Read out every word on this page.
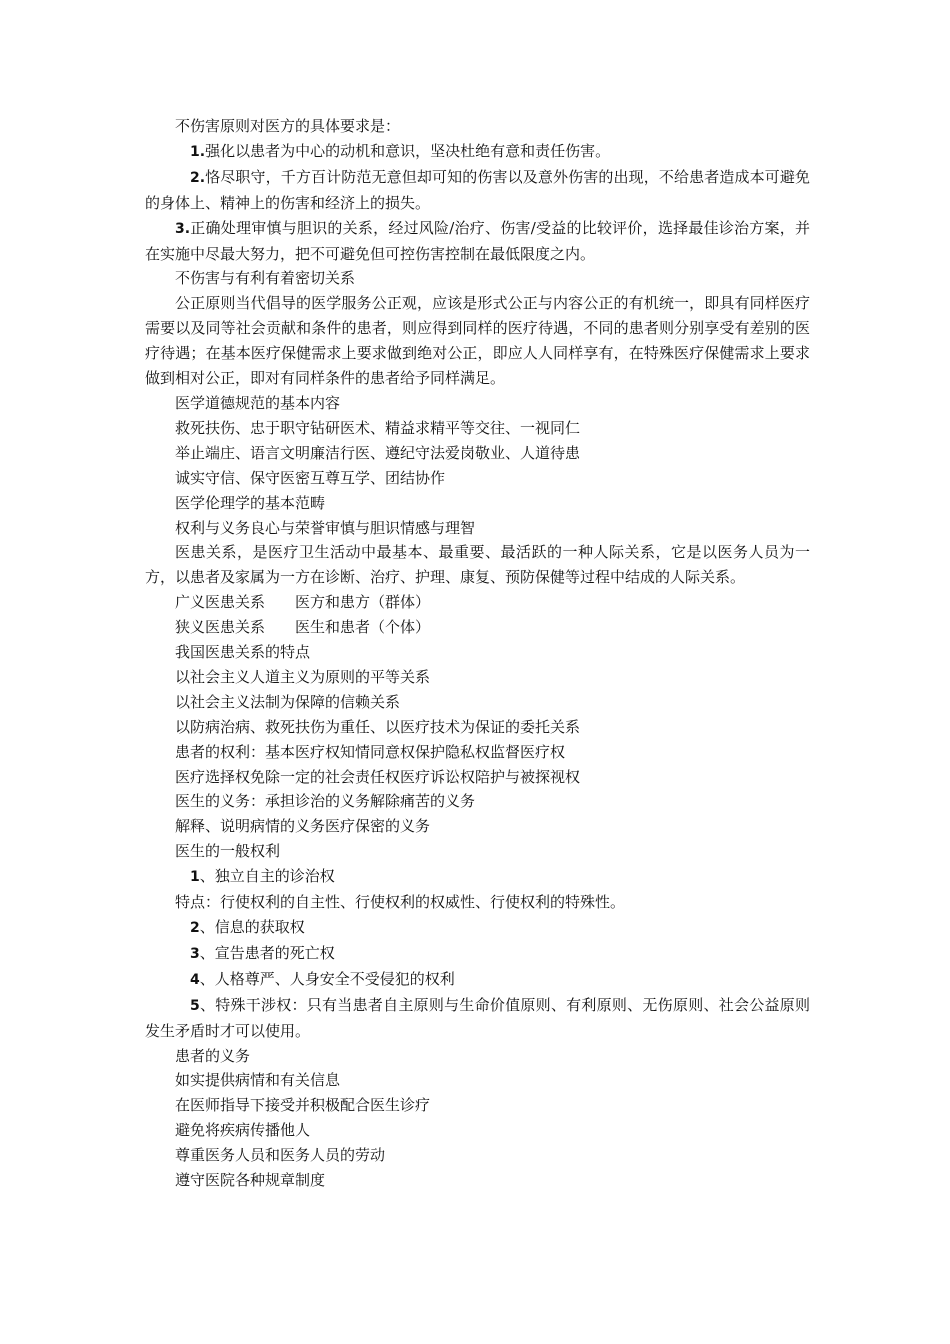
不伤害原则对医方的具体要求是：

1.强化以患者为中心的动机和意识，坚决杜绝有意和责任伤害。

2.恪尽职守，千方百计防范无意但却可知的伤害以及意外伤害的出现，不给患者造成本可避免的身体上、精神上的伤害和经济上的损失。

3.正确处理审慎与胆识的关系，经过风险/治疗、伤害/受益的比较评价，选择最佳诊治方案，并在实施中尽最大努力，把不可避免但可控伤害控制在最低限度之内。

不伤害与有利有着密切关系

公正原则当代倡导的医学服务公正观，应该是形式公正与内容公正的有机统一，即具有同样医疗需要以及同等社会贡献和条件的患者，则应得到同样的医疗待遇，不同的患者则分别享受有差别的医疗待遇；在基本医疗保健需求上要求做到绝对公正，即应人人同样享有，在特殊医疗保健需求上要求做到相对公正，即对有同样条件的患者给予同样满足。

医学道德规范的基本内容

救死扶伤、忠于职守钻研医术、精益求精平等交往、一视同仁

举止端庄、语言文明廉洁行医、遵纪守法爱岗敬业、人道待患

诚实守信、保守医密互尊互学、团结协作

医学伦理学的基本范畴

权利与义务良心与荣誉审慎与胆识情感与理智

医患关系，是医疗卫生活动中最基本、最重要、最活跃的一种人际关系，它是以医务人员为一方，以患者及家属为一方在诊断、治疗、护理、康复、预防保健等过程中结成的人际关系。

广义医患关系 医方和患方（群体）

狭义医患关系 医生和患者（个体）

我国医患关系的特点

以社会主义人道主义为原则的平等关系

以社会主义法制为保障的信赖关系

以防病治病、救死扶伤为重任、以医疗技术为保证的委托关系

患者的权利：基本医疗权知情同意权保护隐私权监督医疗权

医疗选择权免除一定的社会责任权医疗诉讼权陪护与被探视权

医生的义务：承担诊治的义务解除痛苦的义务

解释、说明病情的义务医疗保密的义务

医生的一般权利

1、独立自主的诊治权

特点：行使权利的自主性、行使权利的权威性、行使权利的特殊性。

2、信息的获取权

3、宣告患者的死亡权

4、人格尊严、人身安全不受侵犯的权利

5、特殊干涉权：只有当患者自主原则与生命价值原则、有利原则、无伤原则、社会公益原则发生矛盾时才可以使用。

患者的义务

如实提供病情和有关信息

在医师指导下接受并积极配合医生诊疗

避免将疾病传播他人

尊重医务人员和医务人员的劳动

遵守医院各种规章制度
